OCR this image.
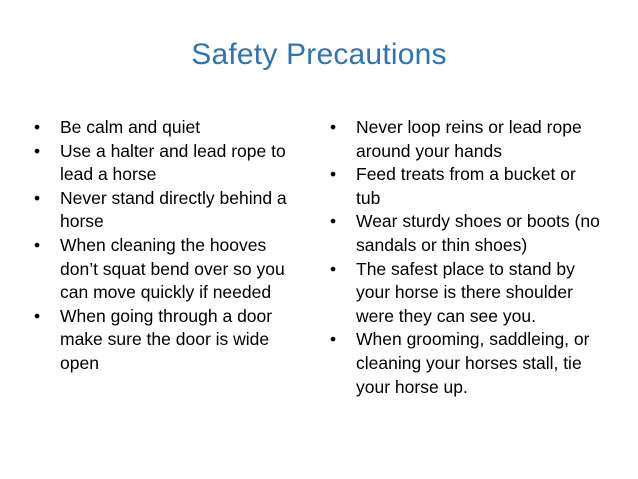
Safety Precautions
•	Be calm and quiet
•	Use a halter and lead rope to lead a horse
•	Never stand directly behind a horse
•	When cleaning the hooves don’t squat bend over so you can move quickly if needed
•	When going through a door make sure the door is wide open
•	Never loop reins or lead rope around your hands
•	Feed treats from a bucket or tub
•	Wear sturdy shoes or boots (no sandals or thin shoes)
•	The safest place to stand by your horse is there shoulder were they can see you.
•	When grooming, saddleing, or cleaning your horses stall, tie your horse up.
